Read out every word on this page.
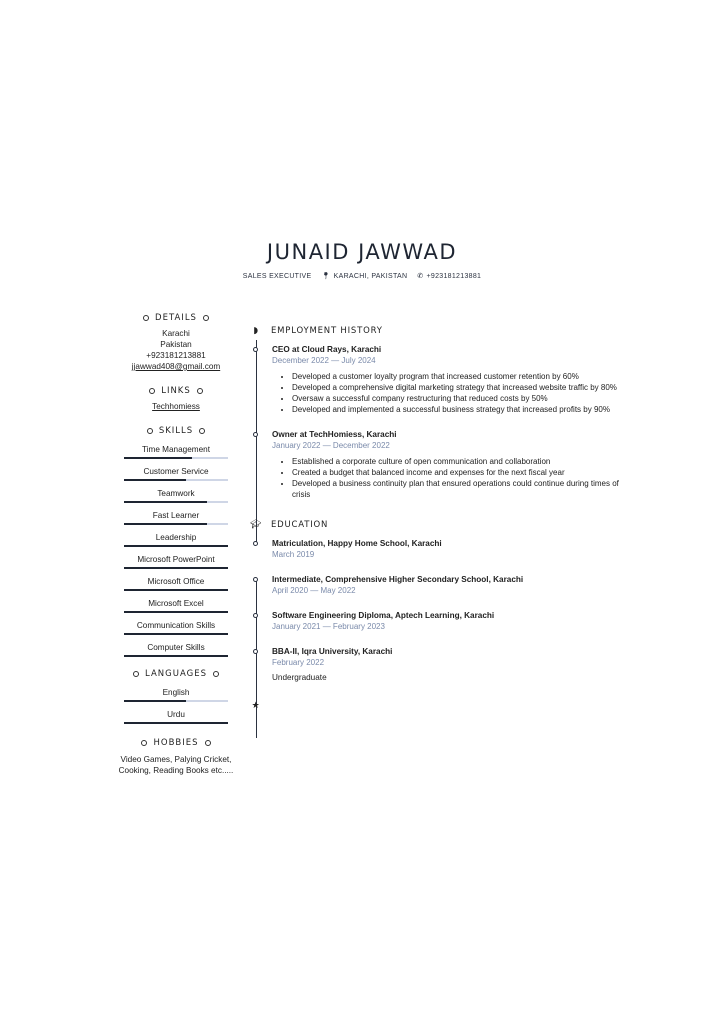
JUNAID JAWWAD
SALES EXECUTIVE 📍︎ KARACHI, PAKISTAN ✆ +923181213881
DETAILS
Karachi
Pakistan
+923181213881
jjawwad408@gmail.com
LINKS
Techhomiess
SKILLS
Time Management
Customer Service
Teamwork
Fast Learner
Leadership
Microsoft PowerPoint
Microsoft Office
Microsoft Excel
Communication Skills
Computer Skills
LANGUAGES
English
Urdu
HOBBIES
Video Games, Palying Cricket, Cooking, Reading Books etc.....
◗	EMPLOYMENT HISTORY
CEO at Cloud Rays, Karachi
December 2022 — July 2024
• Developed a customer loyalty program that increased customer retention by 60%
• Developed a comprehensive digital marketing strategy that increased website traffic by 80%
• Oversaw a successful company restructuring that reduced costs by 50%
• Developed and implemented a successful business strategy that increased profits by 90%
Owner at TechHomiess, Karachi
January 2022 — December 2022
• Established a corporate culture of open communication and collaboration
• Created a budget that balanced income and expenses for the next fiscal year
• Developed a business continuity plan that ensured operations could continue during times of crisis
🎓︎ EDUCATION
Matriculation, Happy Home School, Karachi
March 2019
Intermediate, Comprehensive Higher Secondary School, Karachi
April 2020 — May 2022
Software Engineering Diploma, Aptech Learning, Karachi
January 2021 — February 2023
BBA-II, Iqra University, Karachi
February 2022
Undergraduate
★
